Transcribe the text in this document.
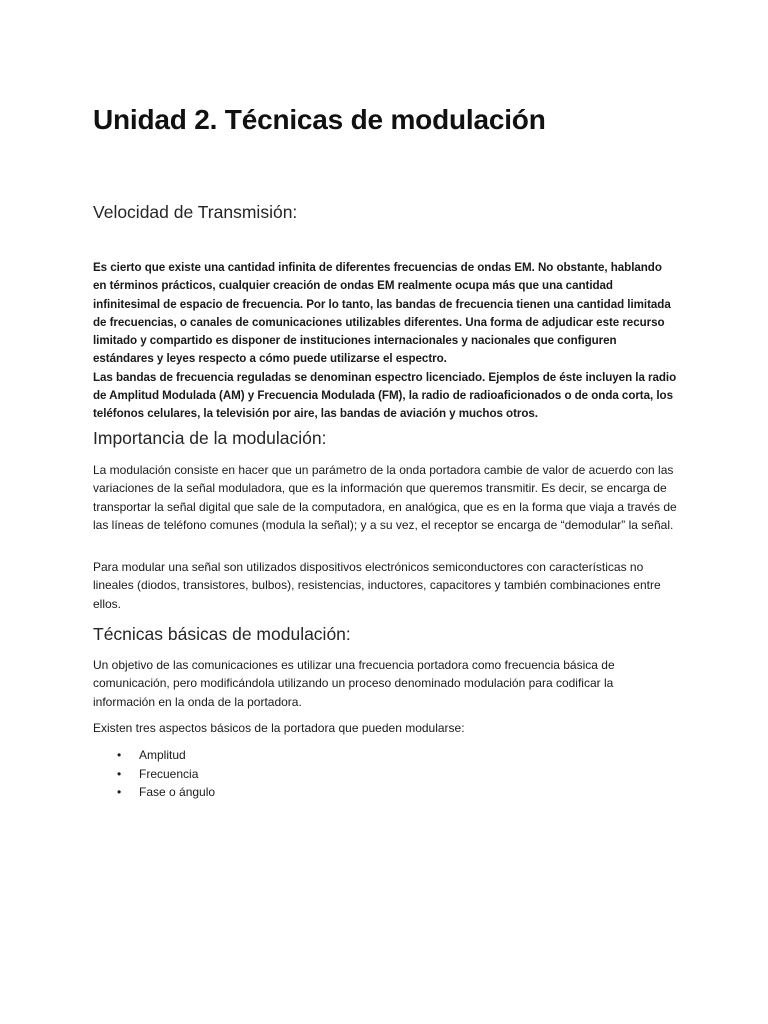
Unidad 2. Técnicas de modulación
Velocidad de Transmisión:

Es cierto que existe una cantidad infinita de diferentes frecuencias de ondas EM. No obstante, hablando en términos prácticos, cualquier creación de ondas EM realmente ocupa más que una cantidad infinitesimal de espacio de frecuencia. Por lo tanto, las bandas de frecuencia tienen una cantidad limitada de frecuencias, o canales de comunicaciones utilizables diferentes. Una forma de adjudicar este recurso limitado y compartido es disponer de instituciones internacionales y nacionales que configuren estándares y leyes respecto a cómo puede utilizarse el espectro.
Las bandas de frecuencia reguladas se denominan espectro licenciado. Ejemplos de éste incluyen la radio de Amplitud Modulada (AM) y Frecuencia Modulada (FM), la radio de radioaficionados o de onda corta, los teléfonos celulares, la televisión por aire, las bandas de aviación y muchos otros.

Importancia de la modulación:

La modulación consiste en hacer que un parámetro de la onda portadora cambie de valor de acuerdo con las variaciones de la señal moduladora, que es la información que queremos transmitir. Es decir, se encarga de transportar la señal digital que sale de la computadora, en analógica, que es en la forma que viaja a través de las líneas de teléfono comunes (modula la señal); y a su vez, el receptor se encarga de “demodular” la señal.

Para modular una señal son utilizados dispositivos electrónicos semiconductores con características no lineales (diodos, transistores, bulbos), resistencias, inductores, capacitores y también combinaciones entre ellos.

Técnicas básicas de modulación:

Un objetivo de las comunicaciones es utilizar una frecuencia portadora como frecuencia básica de comunicación, pero modificándola utilizando un proceso denominado modulación para codificar la información en la onda de la portadora.

Existen tres aspectos básicos de la portadora que pueden modularse:

• Amplitud
• Frecuencia
• Fase o ángulo
